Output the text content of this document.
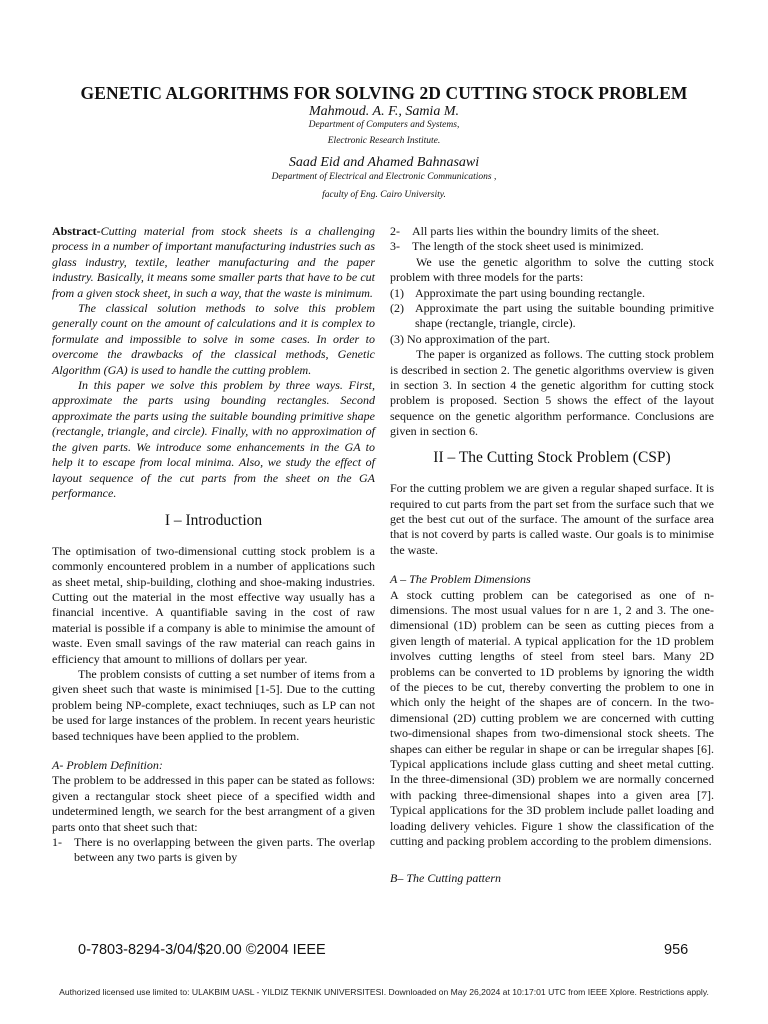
GENETIC ALGORITHMS FOR SOLVING 2D CUTTING STOCK PROBLEM
Mahmoud. A. F., Samia M.
Department of Computers and Systems,
Electronic Research Institute.
Saad Eid and Ahamed Bahnasawi
Department of Electrical and Electronic Communications ,
faculty of Eng. Cairo University.

Abstract-Cutting material from stock sheets is a challenging process in a number of important manufacturing industries such as glass industry, textile, leather manufacturing and the paper industry. Basically, it means some smaller parts that have to be cut from a given stock sheet, in such a way, that the waste is minimum.

The classical solution methods to solve this problem generally count on the amount of calculations and it is complex to formulate and impossible to solve in some cases. In order to overcome the drawbacks of the classical methods, Genetic Algorithm (GA) is used to handle the cutting problem.

In this paper we solve this problem by three ways. First, approximate the parts using bounding rectangles. Second approximate the parts using the suitable bounding primitive shape (rectangle, triangle, and circle). Finally, with no approximation of the given parts. We introduce some enhancements in the GA to help it to escape from local minima. Also, we study the effect of layout sequence of the cut parts from the sheet on the GA performance.

I – Introduction

The optimisation of two-dimensional cutting stock problem is a commonly encountered problem in a number of applications such as sheet metal, ship-building, clothing and shoe-making industries. Cutting out the material in the most effective way usually has a financial incentive. A quantifiable saving in the cost of raw material is possible if a company is able to minimise the amount of waste. Even small savings of the raw material can reach gains in efficiency that amount to millions of dollars per year.

The problem consists of cutting a set number of items from a given sheet such that waste is minimised [1-5]. Due to the cutting problem being NP-complete, exact techniuqes, such as LP can not be used for large instances of the problem. In recent years heuristic based techniques have been applied to the problem.

A- Problem Definition:

The problem to be addressed in this paper can be stated as follows: given a rectangular stock sheet piece of a specified width and undetermined length, we search for the best arrangment of a given parts onto that sheet such that:

1-	There is no overlapping between the given parts. The overlap between any two parts is given by
2-	All parts lies within the boundry limits of the sheet.
3-	The length of the stock sheet used is minimized.

We use the genetic algorithm to solve the cutting stock problem with three models for the parts:

(1) Approximate the part using bounding rectangle.
(2) Approximate the part using the suitable bounding primitive shape (rectangle, triangle, circle).

(3) No approximation of the part.

The paper is organized as follows. The cutting stock problem is described in section 2. The genetic algorithms overview is given in section 3. In section 4 the genetic algorithm for cutting stock problem is proposed. Section 5 shows the effect of the layout sequence on the genetic algorithm performance. Conclusions are given in section 6.

II – The Cutting Stock Problem (CSP)

For the cutting problem we are given a regular shaped surface. It is required to cut parts from the part set from the surface such that we get the best cut out of the surface. The amount of the surface area that is not coverd by parts is called waste. Our goals is to minimise the waste.

A – The Problem Dimensions

A stock cutting problem can be categorised as one of n-dimensions. The most usual values for n are 1, 2 and 3. The one-dimensional (1D) problem can be seen as cutting pieces from a given length of material. A typical application for the 1D problem involves cutting lengths of steel from steel bars. Many 2D problems can be converted to 1D problems by ignoring the width of the pieces to be cut, thereby converting the problem to one in which only the height of the shapes are of concern. In the two-dimensional (2D) cutting problem we are concerned with cutting two-dimensional shapes from two-dimensional stock sheets. The shapes can either be regular in shape or can be irregular shapes [6]. Typical applications include glass cutting and sheet metal cutting. In the three-dimensional (3D) problem we are normally concerned with packing three-dimensional shapes into a given area [7]. Typical applications for the 3D problem include pallet loading and loading delivery vehicles. Figure 1 show the classification of the cutting and packing problem according to the problem dimensions.

B– The Cutting pattern

0-7803-8294-3/04/$20.00 ©2004 IEEE	956
Authorized licensed use limited to: ULAKBIM UASL - YILDIZ TEKNIK UNIVERSITESI. Downloaded on May 26,2024 at 10:17:01 UTC from IEEE Xplore. Restrictions apply.
